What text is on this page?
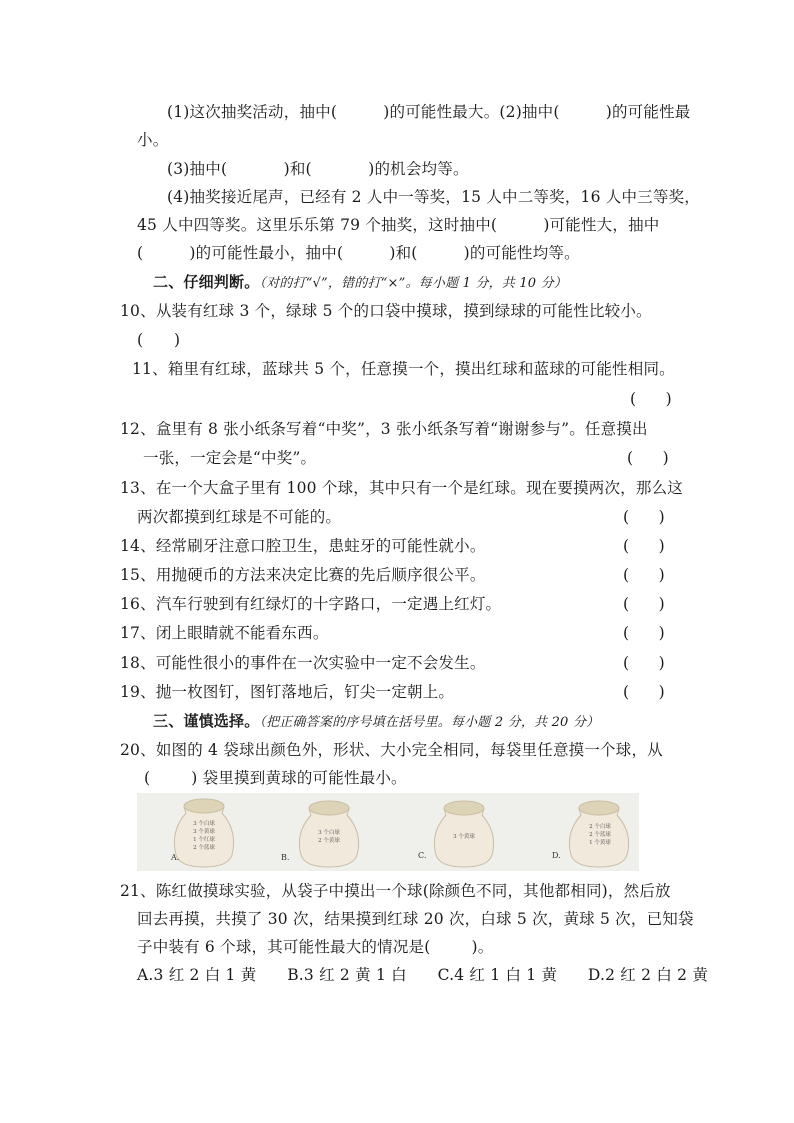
(1)这次抽奖活动，抽中(         )的可能性最大。(2)抽中(         )的可能性最
小。
(3)抽中(           )和(           )的机会均等。
(4)抽奖接近尾声，已经有 2 人中一等奖，15 人中二等奖，16 人中三等奖，
45 人中四等奖。这里乐乐第 79 个抽奖，这时抽中(         )可能性大，抽中
(         )的可能性最小，抽中(         )和(         )的可能性均等。
二、仔细判断。（对的打“√”，错的打“×”。每小题 1 分，共 10 分）
10、从装有红球 3 个，绿球 5 个的口袋中摸球，摸到绿球的可能性比较小。
(      )
11、箱里有红球，蓝球共 5 个，任意摸一个，摸出红球和蓝球的可能性相同。
(      )
12、盒里有 8 张小纸条写着“中奖”，3 张小纸条写着“谢谢参与”。任意摸出
一张，一定会是“中奖”。	(      )
13、在一个大盒子里有 100 个球，其中只有一个是红球。现在要摸两次，那么这
两次都摸到红球是不可能的。	(      )
14、经常刷牙注意口腔卫生，患蛀牙的可能性就小。	(      )
15、用抛硬币的方法来决定比赛的先后顺序很公平。	(      )
16、汽车行驶到有红绿灯的十字路口，一定遇上红灯。	(      )
17、闭上眼睛就不能看东西。	(      )
18、可能性很小的事件在一次实验中一定不会发生。	(      )
19、抛一枚图钉，图钉落地后，钉尖一定朝上。	(      )
三、谨慎选择。（把正确答案的序号填在括号里。每小题 2 分，共 20 分）
20、如图的 4 袋球出颜色外，形状、大小完全相同，每袋里任意摸一个球，从
(        ) 袋里摸到黄球的可能性最小。
3 个白球
3 个黄球
1 个红球
2 个蓝球
A.
3 个白球
2 个黄球
B.
3 个黄球
C.
2 个白球
2 个蓝球
1 个黄球
D.
21、陈红做摸球实验，从袋子中摸出一个球(除颜色不同，其他都相同)，然后放
回去再摸，共摸了 30 次，结果摸到红球 20 次，白球 5 次，黄球 5 次，已知袋
子中装有 6 个球，其可能性最大的情况是(        )。
A.3 红 2 白 1 黄      B.3 红 2 黄 1 白      C.4 红 1 白 1 黄      D.2 红 2 白 2 黄
